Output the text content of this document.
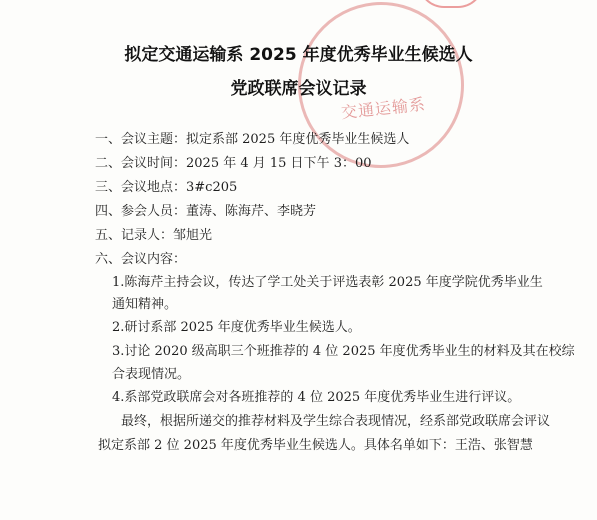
交通运输系
拟定交通运输系 2025 年度优秀毕业生候选人
党政联席会议记录
一、会议主题：拟定系部 2025 年度优秀毕业生候选人
二、会议时间：2025 年 4 月 15 日下午 3：00
三、会议地点：3#c205
四、参会人员：董涛、陈海芹、李晓芳
五、记录人：邹旭光
六、会议内容：
1.陈海芹主持会议，传达了学工处关于评选表彰 2025 年度学院优秀毕业生
通知精神。
2.研讨系部 2025 年度优秀毕业生候选人。
3.讨论 2020 级高职三个班推荐的 4 位 2025 年度优秀毕业生的材料及其在校综
合表现情况。
4.系部党政联席会对各班推荐的 4 位 2025 年度优秀毕业生进行评议。
最终，根据所递交的推荐材料及学生综合表现情况，经系部党政联席会评议
拟定系部 2 位 2025 年度优秀毕业生候选人。具体名单如下：王浩、张智慧
